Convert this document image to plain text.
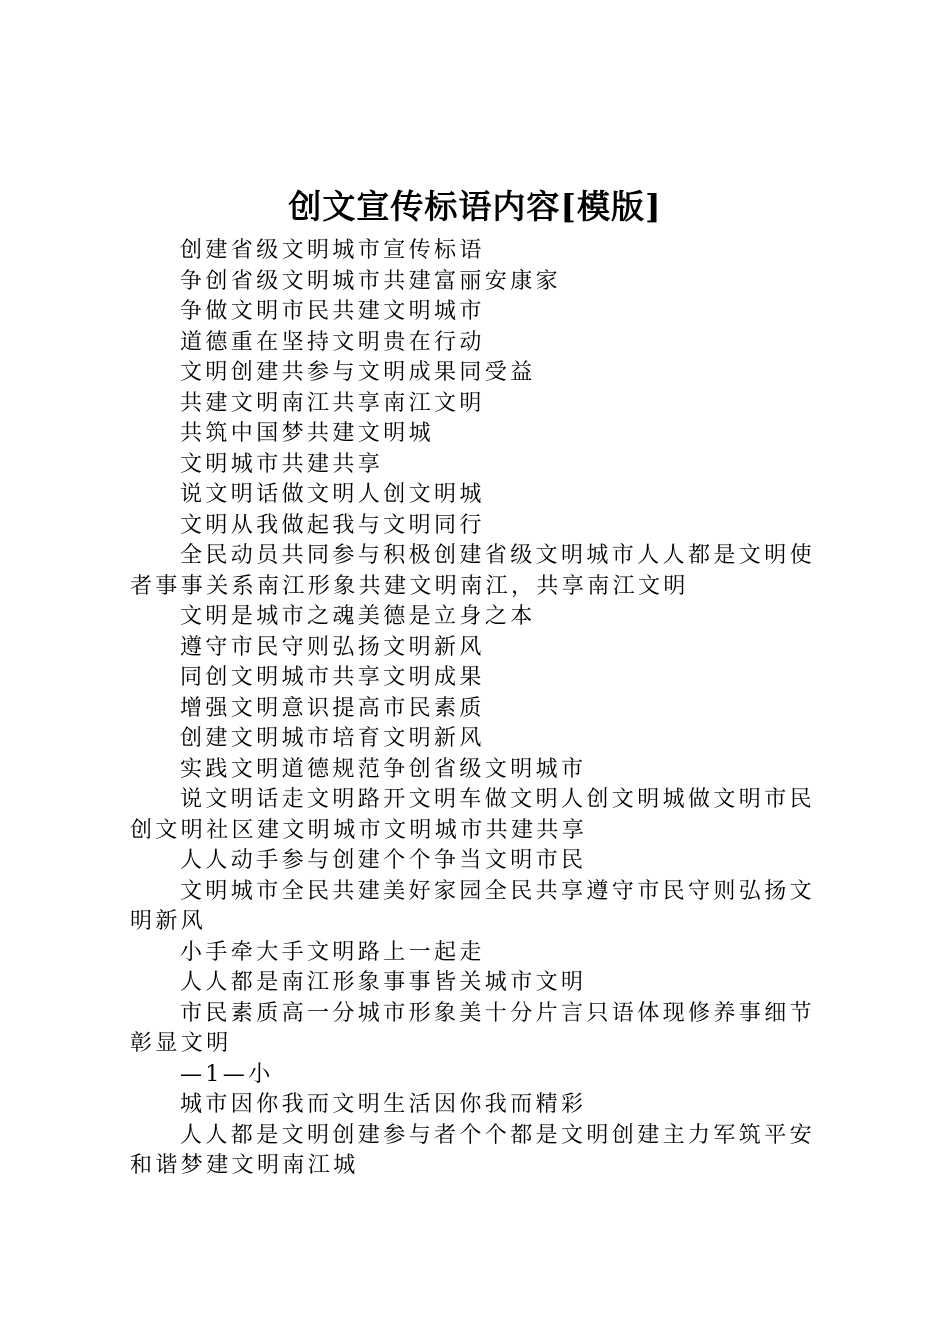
创文宣传标语内容[模版]

创建省级文明城市宣传标语

争创省级文明城市共建富丽安康家

争做文明市民共建文明城市

道德重在坚持文明贵在行动

文明创建共参与文明成果同受益

共建文明南江共享南江文明

共筑中国梦共建文明城

文明城市共建共享

说文明话做文明人创文明城

文明从我做起我与文明同行

全民动员共同参与积极创建省级文明城市人人都是文明使者事事关系南江形象共建文明南江，共享南江文明

文明是城市之魂美德是立身之本

遵守市民守则弘扬文明新风

同创文明城市共享文明成果

增强文明意识提高市民素质

创建文明城市培育文明新风

实践文明道德规范争创省级文明城市

说文明话走文明路开文明车做文明人创文明城做文明市民创文明社区建文明城市文明城市共建共享

人人动手参与创建个个争当文明市民

文明城市全民共建美好家园全民共享遵守市民守则弘扬文明新风

小手牵大手文明路上一起走

人人都是南江形象事事皆关城市文明

市民素质高一分城市形象美十分片言只语体现修养事细节彰显文明

—1—小

城市因你我而文明生活因你我而精彩

人人都是文明创建参与者个个都是文明创建主力军筑平安和谐梦建文明南江城
